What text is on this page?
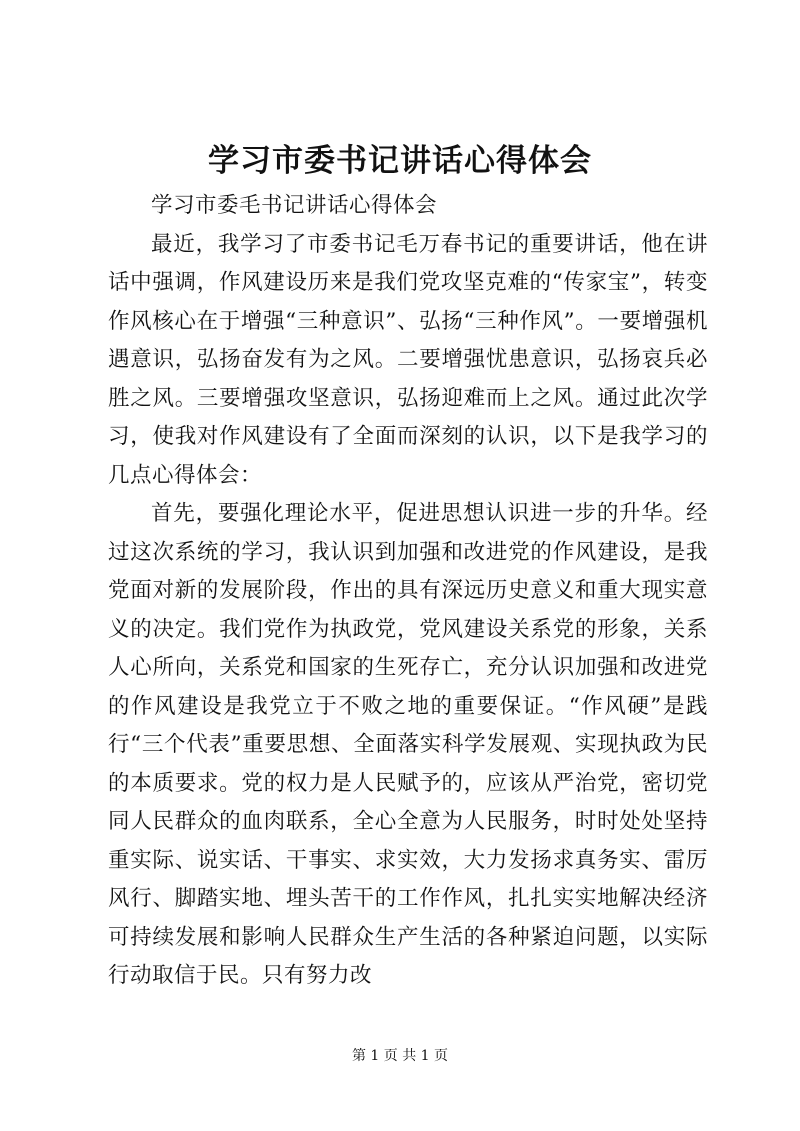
学习市委书记讲话心得体会

学习市委毛书记讲话心得体会

最近，我学习了市委书记毛万春书记的重要讲话，他在讲话中强调，作风建设历来是我们党攻坚克难的“传家宝”，转变作风核心在于增强“三种意识”、弘扬“三种作风”。一要增强机遇意识，弘扬奋发有为之风。二要增强忧患意识，弘扬哀兵必胜之风。三要增强攻坚意识，弘扬迎难而上之风。通过此次学习，使我对作风建设有了全面而深刻的认识，以下是我学习的几点心得体会：

首先，要强化理论水平，促进思想认识进一步的升华。经过这次系统的学习，我认识到加强和改进党的作风建设，是我党面对新的发展阶段，作出的具有深远历史意义和重大现实意义的决定。我们党作为执政党，党风建设关系党的形象，关系人心所向，关系党和国家的生死存亡，充分认识加强和改进党的作风建设是我党立于不败之地的重要保证。“作风硬”是践行“三个代表”重要思想、全面落实科学发展观、实现执政为民的本质要求。党的权力是人民赋予的，应该从严治党，密切党同人民群众的血肉联系，全心全意为人民服务，时时处处坚持重实际、说实话、干事实、求实效，大力发扬求真务实、雷厉风行、脚踏实地、埋头苦干的工作作风，扎扎实实地解决经济可持续发展和影响人民群众生产生活的各种紧迫问题，以实际行动取信于民。只有努力改

第 1 页 共 1 页
